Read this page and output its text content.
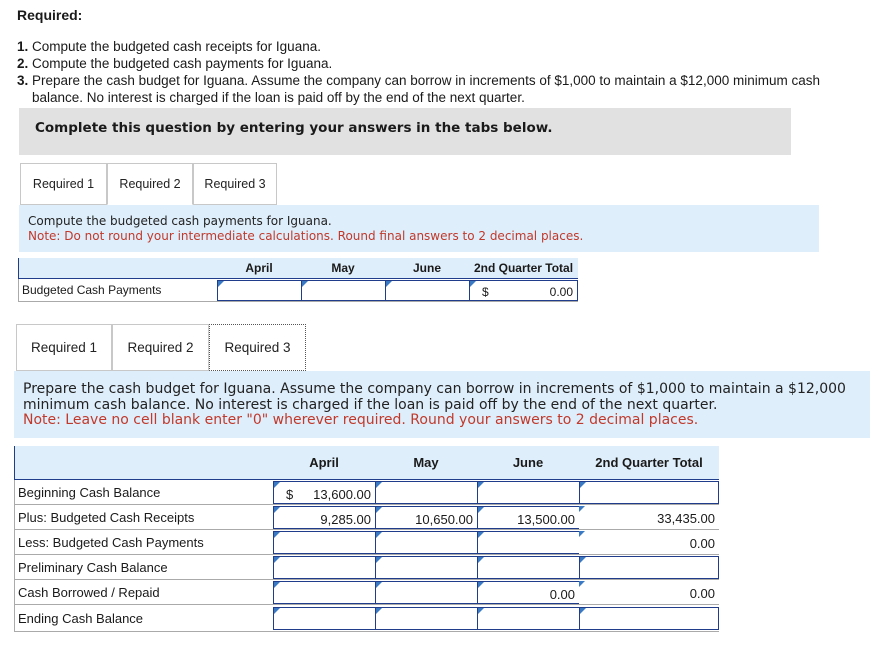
Required:
1. Compute the budgeted cash receipts for Iguana.
2. Compute the budgeted cash payments for Iguana.
3. Prepare the cash budget for Iguana. Assume the company can borrow in increments of $1,000 to maintain a $12,000 minimum cash
balance. No interest is charged if the loan is paid off by the end of the next quarter.
Complete this question by entering your answers in the tabs below.
Required 1	Required 2	Required 3
Compute the budgeted cash payments for Iguana.
Note: Do not round your intermediate calculations. Round final answers to 2 decimal places.
	April	May	June	2nd Quarter Total
Budgeted Cash Payments				$ 0.00
Required 1	Required 2	Required 3
Prepare the cash budget for Iguana. Assume the company can borrow in increments of $1,000 to maintain a $12,000
minimum cash balance. No interest is charged if the loan is paid off by the end of the next quarter.
Note: Leave no cell blank enter "0" wherever required. Round your answers to 2 decimal places.
	April	May	June	2nd Quarter Total
Beginning Cash Balance	$ 13,600.00			

Plus: Budgeted Cash Receipts	9,285.00	10,650.00	13,500.00	33,435.00

Less: Budgeted Cash Payments				0.00

Preliminary Cash Balance	

Cash Borrowed / Repaid			0.00	0.00

Ending Cash Balance	
